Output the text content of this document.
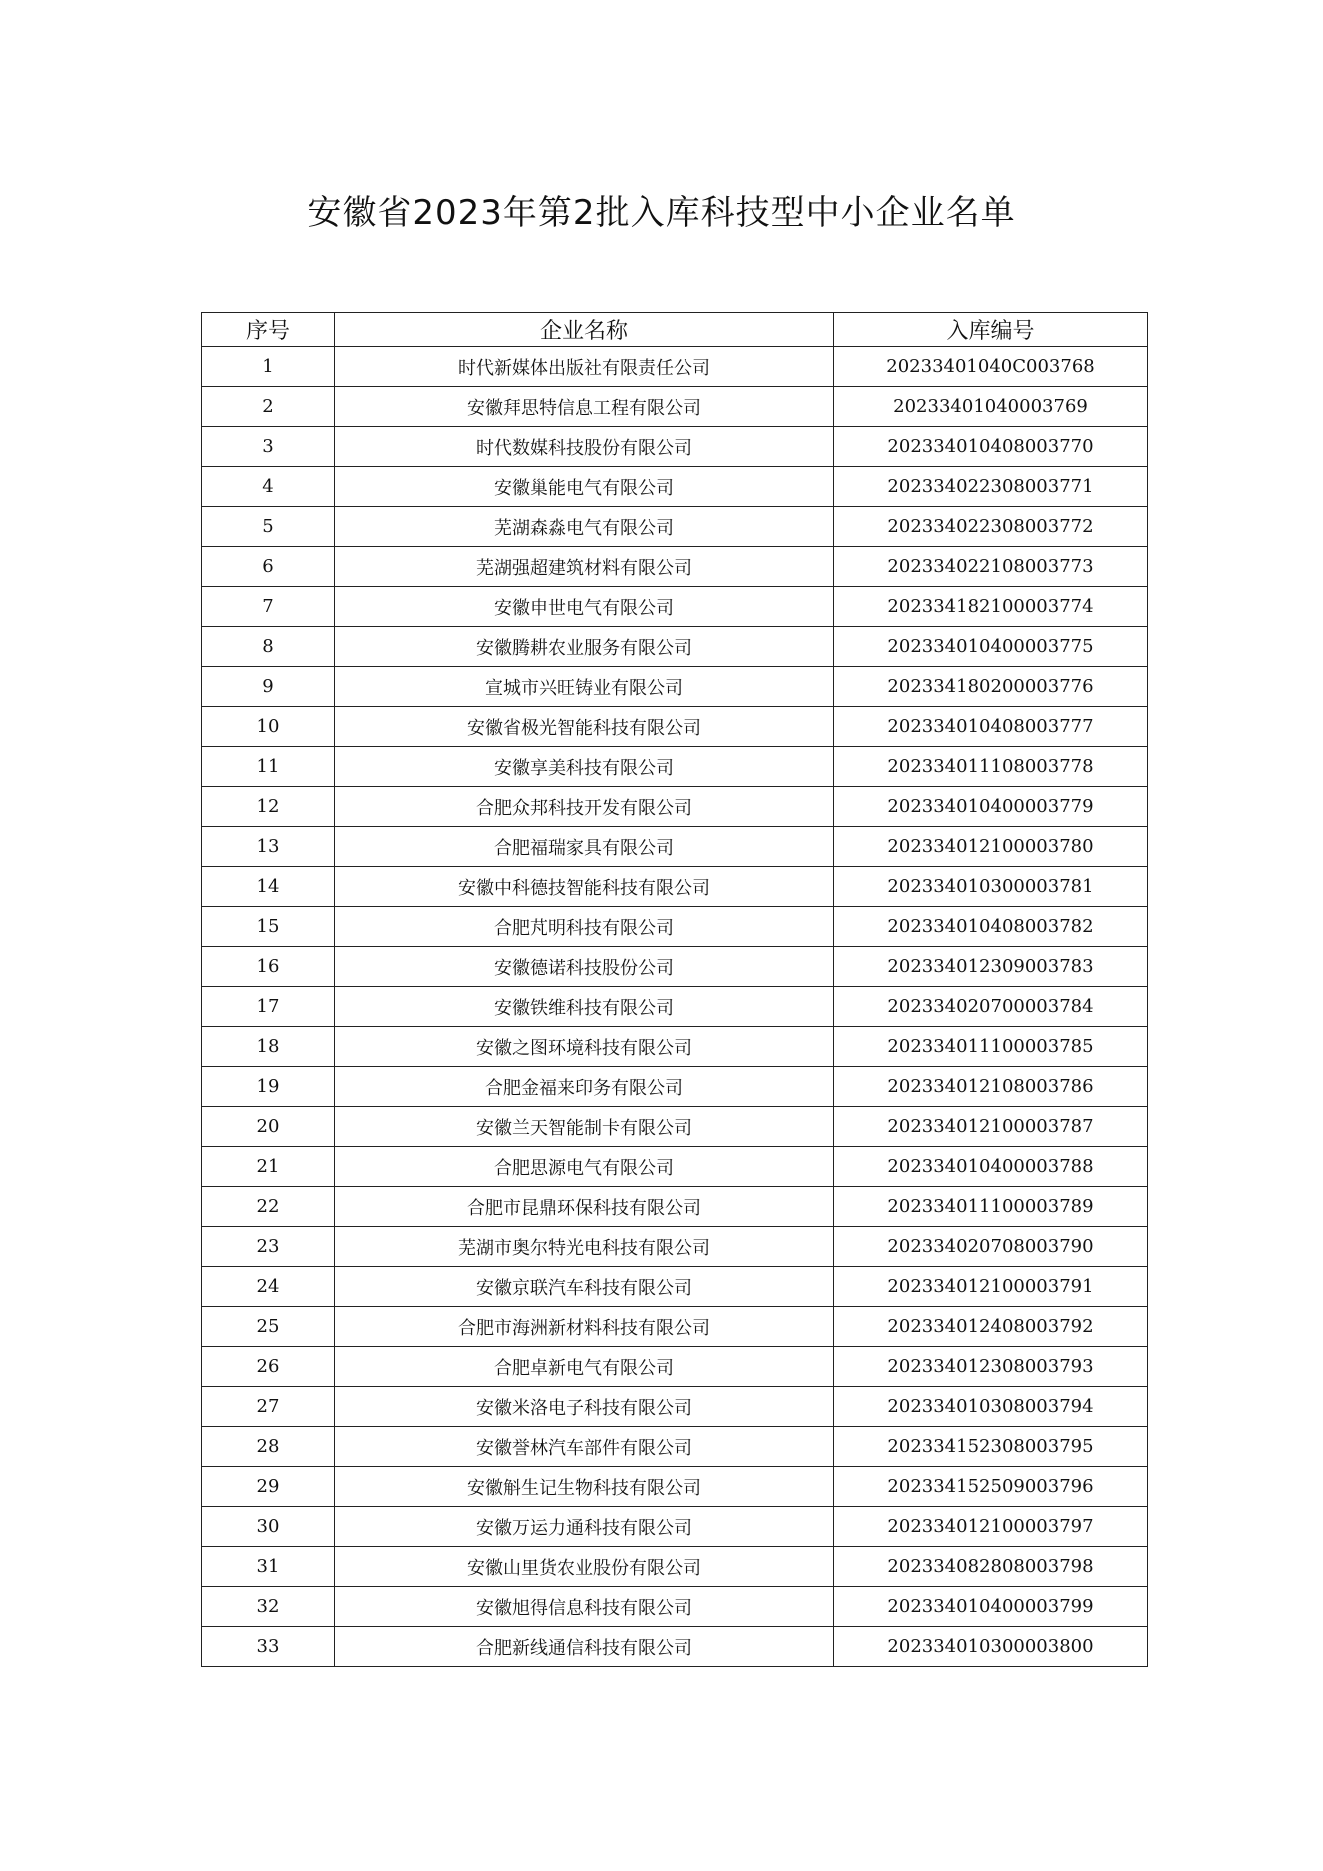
安徽省2023年第2批入库科技型中小企业名单
序号	企业名称	入库编号
1	时代新媒体出版社有限责任公司	20233401040C003768
2	安徽拜思特信息工程有限公司	20233401040003769
3	时代数媒科技股份有限公司	202334010408003770
4	安徽巢能电气有限公司	202334022308003771
5	芜湖森淼电气有限公司	202334022308003772
6	芜湖强超建筑材料有限公司	202334022108003773
7	安徽申世电气有限公司	202334182100003774
8	安徽腾耕农业服务有限公司	202334010400003775
9	宣城市兴旺铸业有限公司	202334180200003776
10	安徽省极光智能科技有限公司	202334010408003777
11	安徽享美科技有限公司	202334011108003778
12	合肥众邦科技开发有限公司	202334010400003779
13	合肥福瑞家具有限公司	202334012100003780
14	安徽中科德技智能科技有限公司	202334010300003781
15	合肥芃明科技有限公司	202334010408003782
16	安徽德诺科技股份公司	202334012309003783
17	安徽铁维科技有限公司	202334020700003784
18	安徽之图环境科技有限公司	202334011100003785
19	合肥金福来印务有限公司	202334012108003786
20	安徽兰天智能制卡有限公司	202334012100003787
21	合肥思源电气有限公司	202334010400003788
22	合肥市昆鼎环保科技有限公司	202334011100003789
23	芜湖市奥尔特光电科技有限公司	202334020708003790
24	安徽京联汽车科技有限公司	202334012100003791
25	合肥市海洲新材料科技有限公司	202334012408003792
26	合肥卓新电气有限公司	202334012308003793
27	安徽米洛电子科技有限公司	202334010308003794
28	安徽誉林汽车部件有限公司	202334152308003795
29	安徽斛生记生物科技有限公司	202334152509003796
30	安徽万运力通科技有限公司	202334012100003797
31	安徽山里货农业股份有限公司	202334082808003798
32	安徽旭得信息科技有限公司	202334010400003799
33	合肥新线通信科技有限公司	202334010300003800
